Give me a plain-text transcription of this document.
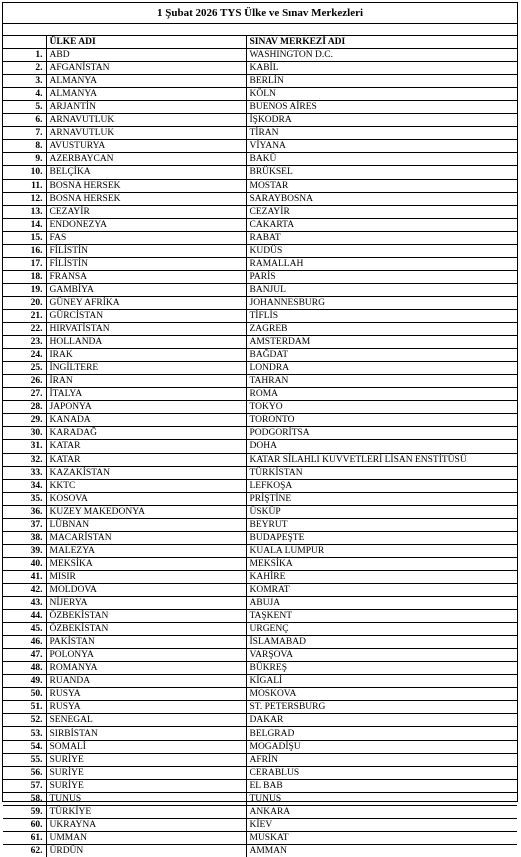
1 Şubat 2026 TYS Ülke ve Sınav Merkezleri
	ÜLKE ADI	SINAV MERKEZİ ADI
1.	ABD	WASHINGTON D.C.
2.	AFGANİSTAN	KABİL
3.	ALMANYA	BERLİN
4.	ALMANYA	KÖLN
5.	ARJANTİN	BUENOS AİRES
6.	ARNAVUTLUK	İŞKODRA
7.	ARNAVUTLUK	TİRAN
8.	AVUSTURYA	VİYANA
9.	AZERBAYCAN	BAKÜ
10.	BELÇİKA	BRÜKSEL
11.	BOSNA HERSEK	MOSTAR
12.	BOSNA HERSEK	SARAYBOSNA
13.	CEZAYİR	CEZAYİR
14.	ENDONEZYA	CAKARTA
15.	FAS	RABAT
16.	FİLİSTİN	KUDÜS
17.	FİLİSTİN	RAMALLAH
18.	FRANSA	PARİS
19.	GAMBİYA	BANJUL
20.	GÜNEY AFRİKA	JOHANNESBURG
21.	GÜRCİSTAN	TİFLİS
22.	HIRVATİSTAN	ZAGREB
23.	HOLLANDA	AMSTERDAM
24.	IRAK	BAĞDAT
25.	İNGİLTERE	LONDRA
26.	İRAN	TAHRAN
27.	İTALYA	ROMA
28.	JAPONYA	TOKYO
29.	KANADA	TORONTO
30.	KARADAĞ	PODGORİTSA
31.	KATAR	DOHA
32.	KATAR	KATAR SİLAHLI KUVVETLERİ LİSAN ENSTİTÜSÜ
33.	KAZAKİSTAN	TÜRKİSTAN
34.	KKTC	LEFKOŞA
35.	KOSOVA	PRİŞTİNE
36.	KUZEY MAKEDONYA	ÜSKÜP
37.	LÜBNAN	BEYRUT
38.	MACARİSTAN	BUDAPEŞTE
39.	MALEZYA	KUALA LUMPUR
40.	MEKSİKA	MEKSİKA
41.	MISIR	KAHİRE
42.	MOLDOVA	KOMRAT
43.	NİJERYA	ABUJA
44.	ÖZBEKİSTAN	TAŞKENT
45.	ÖZBEKİSTAN	URGENÇ
46.	PAKİSTAN	İSLAMABAD
47.	POLONYA	VARŞOVA
48.	ROMANYA	BÜKREŞ
49.	RUANDA	KİGALİ
50.	RUSYA	MOSKOVA
51.	RUSYA	ST. PETERSBURG
52.	SENEGAL	DAKAR
53.	SIRBİSTAN	BELGRAD
54.	SOMALİ	MOGADİŞU
55.	SURİYE	AFRİN
56.	SURİYE	CERABLUS
57.	SURİYE	EL BAB
58.	TUNUS	TUNUS
59.	TÜRKİYE	ANKARA
60.	UKRAYNA	KİEV
61.	UMMAN	MUSKAT
62.	ÜRDÜN	AMMAN
